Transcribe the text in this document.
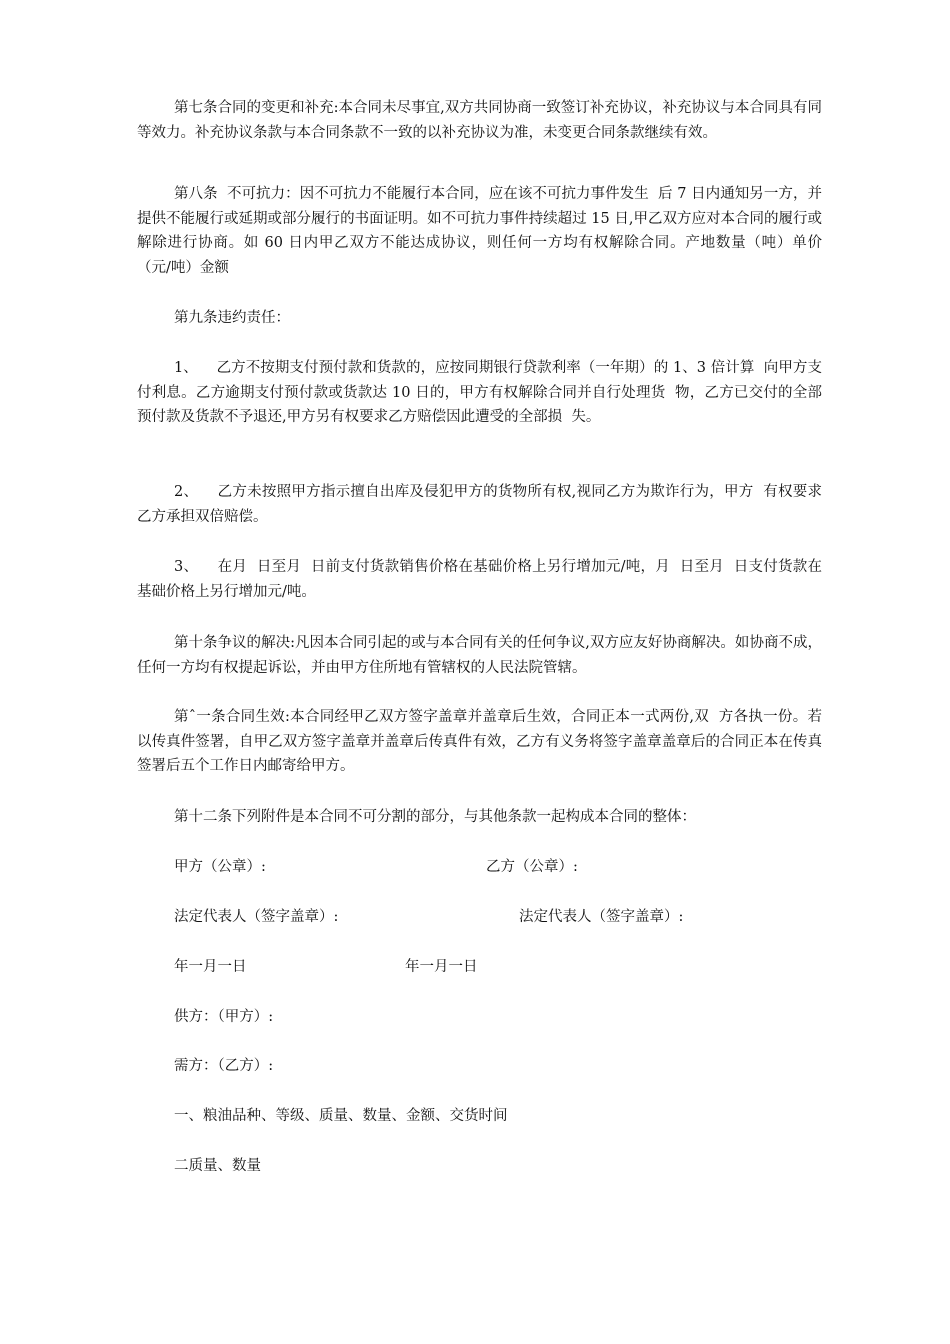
第七条合同的变更和补充:本合同未尽事宜,双方共同协商一致签订补充协议，补充协议与本合同具有同等效力。补充协议条款与本合同条款不一致的以补充协议为准，未变更合同条款继续有效。

第八条  不可抗力：因不可抗力不能履行本合同，应在该不可抗力事件发生  后 7 日内通知另一方，并提供不能履行或延期或部分履行的书面证明。如不可抗力事件持续超过 15 日,甲乙双方应对本合同的履行或解除进行协商。如 60 日内甲乙双方不能达成协议，则任何一方均有权解除合同。产地数量（吨）单价（元/吨）金额

第九条违约责任：

1、    乙方不按期支付预付款和货款的，应按同期银行贷款利率（一年期）的 1、3 倍计算  向甲方支付利息。乙方逾期支付预付款或货款达 10 日的，甲方有权解除合同并自行处理货  物，乙方已交付的全部预付款及货款不予退还,甲方另有权要求乙方赔偿因此遭受的全部损  失。

2、    乙方未按照甲方指示擅自出库及侵犯甲方的货物所有权,视同乙方为欺诈行为，甲方  有权要求乙方承担双倍赔偿。

3、    在月  日至月  日前支付货款销售价格在基础价格上另行增加元/吨，月  日至月  日支付货款在基础价格上另行增加元/吨。

第十条争议的解决:凡因本合同引起的或与本合同有关的任何争议,双方应友好协商解决。如协商不成，任何一方均有权提起诉讼，并由甲方住所地有管辖权的人民法院管辖。

第ˆ一条合同生效:本合同经甲乙双方签字盖章并盖章后生效，合同正本一式两份,双  方各执一份。若以传真件签署，自甲乙双方签字盖章并盖章后传真件有效，乙方有义务将签字盖章盖章后的合同正本在传真签署后五个工作日内邮寄给甲方。

第十二条下列附件是本合同不可分割的部分，与其他条款一起构成本合同的整体：

甲方（公章）:	乙方（公章）:

法定代表人（签字盖章）:	法定代表人（签字盖章）:

年一月一日	年一月一日

供方：（甲方）:

需方：（乙方）:

一、粮油品种、等级、质量、数量、金额、交货时间

二质量、数量
